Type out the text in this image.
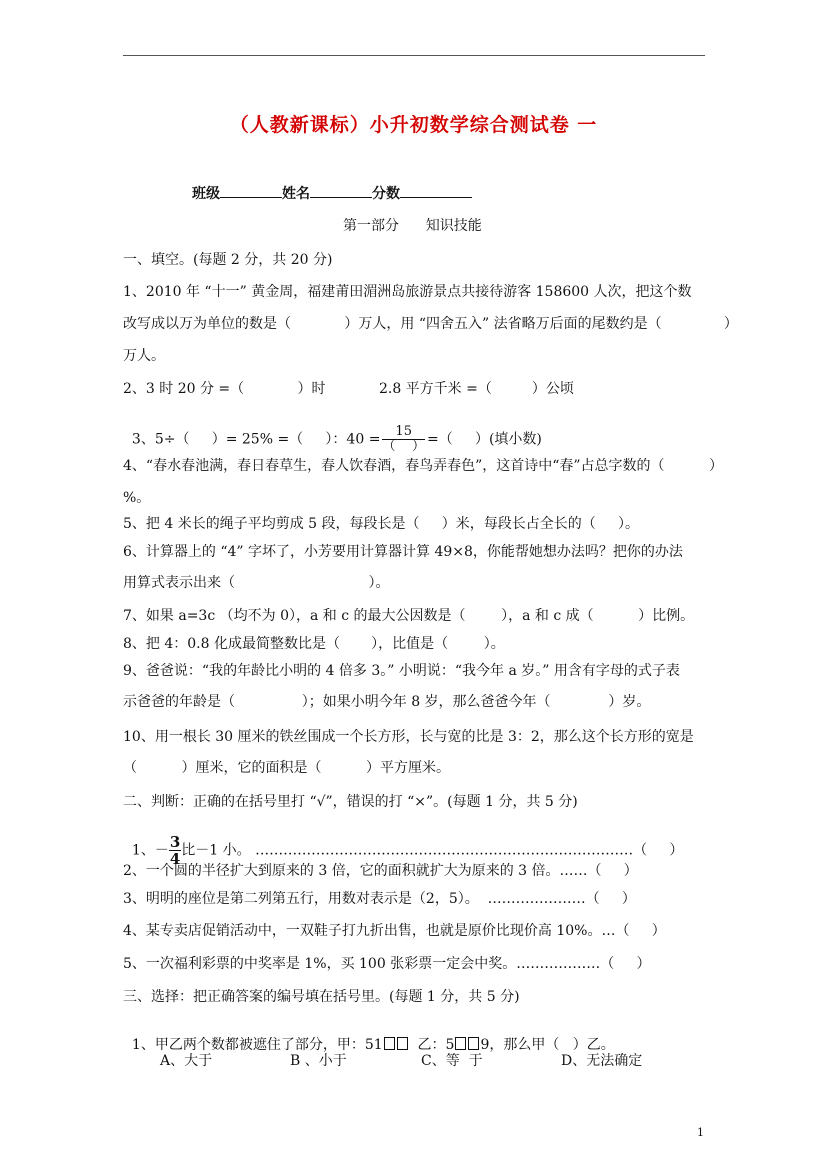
（人教新课标）小升初数学综合测试卷 一
班级	姓名	分数
第一部分      知识技能
一、填空。(每题 2 分，共 20 分)
1、2010 年 “十一” 黄金周，福建莆田湄洲岛旅游景点共接待游客 158600 人次，把这个数
改写成以万为单位的数是（            ）万人，用 “四舍五入” 法省略万后面的尾数约是（              ）
万人。
2、3 时 20 分 =（            ）时            2.8 平方千米 =（         ）公顷

3、5÷（     ）= 25% =（     ）：$40 = \frac{15}{( )}$ =（     ）(填小数)

4、“春水春池满，春日春草生，春人饮春酒，春鸟弄春色”，这首诗中“春”占总字数的（          ）
%。
5、把 4 米长的绳子平均剪成 5 段，每段长是（     ）米，每段长占全长的（     ）。
6、计算器上的 “4” 字坏了，小芳要用计算器计算 49×8，你能帮她想办法吗？把你的办法
用算式表示出来（                              ）。
7、如果 a=3c （均不为 0），a 和 c 的最大公因数是（        ），a 和 c 成（          ）比例。
8、把 4：0.8 化成最简整数比是（       ），比值是（        ）。
9、爸爸说：“我的年龄比小明的 4 倍多 3。” 小明说：“我今年 a 岁。” 用含有字母的式子表
示爸爸的年龄是（               ）；如果小明今年 8 岁，那么爸爸今年（             ）岁。
10、用一根长 30 厘米的铁丝围成一个长方形，长与宽的比是 3：2，那么这个长方形的宽是
（          ）厘米，它的面积是（          ）平方厘米。
二、判断：正确的在括号里打 “√”，错误的打 “×”。(每题 1 分，共 5 分)

1、－ $\frac{3}{4}$ 比－1 小。 ………………………………………………………………………（     ）

2、一个圆的半径扩大到原来的 3 倍，它的面积就扩大为原来的 3 倍。……（     ）
3、明明的座位是第二列第五行，用数对表示是（2，5）。  …………………（     ）
4、某专卖店促销活动中，一双鞋子打九折出售，也就是原价比现价高 10%。…（     ）
5、一次福利彩票的中奖率是 1%，买 100 张彩票一定会中奖。………………（     ）
三、选择：把正确答案的编号填在括号里。(每题 1 分，共 5 分)

1、甲乙两个数都被遮住了部分，甲：51  乙：5 9，那么甲（   ）乙。

A、大于	B 、小于	C、等  于	D、无法确定
1
